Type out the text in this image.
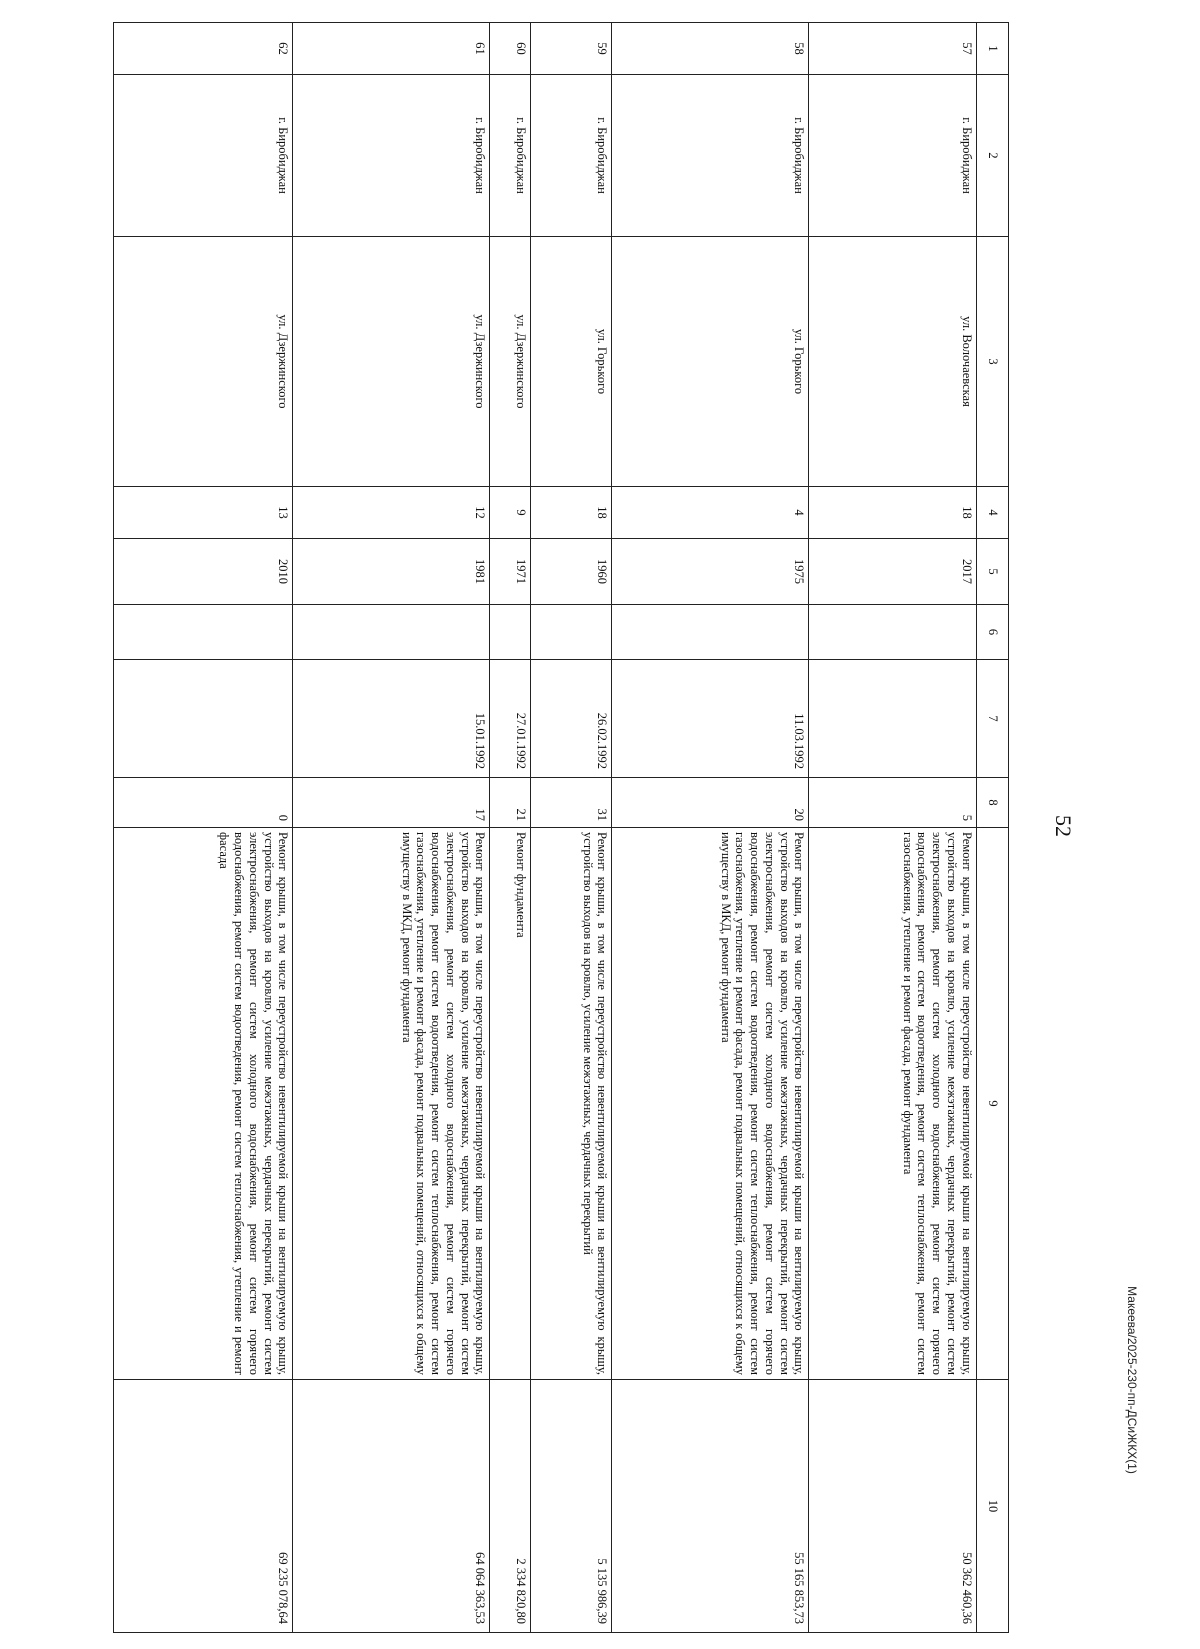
52
1	2	3	4	5	6	7	8	9	10
57	г. Биробиджан	ул. Волочаевская	18	2017			5	Ремонт крыши, в том числе переустройство невентилируемой крыши на вентилируемую крышу, устройство выходов на кровлю, усиление межэтажных, чердачных перекрытий, ремонт систем электроснабжения, ремонт систем холодного водоснабжения, ремонт систем горячего водоснабжения, ремонт систем водоотведения, ремонт систем теплоснабжения, ремонт систем газоснабжения, утепление и ремонт фасада, ремонт фундамента	50 362 460,36
58	г. Биробиджан	ул. Горького	4	1975		11.03.1992	20	Ремонт крыши, в том числе переустройство невентилируемой крыши на вентилируемую крышу, устройство выходов на кровлю, усиление межэтажных, чердачных перекрытий, ремонт систем электроснабжения, ремонт систем холодного водоснабжения, ремонт систем горячего водоснабжения, ремонт систем водоотведения, ремонт систем теплоснабжения, ремонт систем газоснабжения, утепление и ремонт фасада, ремонт подвальных помещений, относящихся к общему имуществу в МКД, ремонт фундамента	55 165 853,73
59	г. Биробиджан	ул. Горького	18	1960		26.02.1992	31	Ремонт крыши, в том числе переустройство невентилируемой крыши на вентилируемую крышу, устройство выходов на кровлю, усиление межэтажных, чердачных перекрытий	5 135 986,39
60	г. Биробиджан	ул. Дзержинского	9	1971		27.01.1992	21	Ремонт фундамента	2 334 820,80
61	г. Биробиджан	ул. Дзержинского	12	1981		15.01.1992	17	Ремонт крыши, в том числе переустройство невентилируемой крыши на вентилируемую крышу, устройство выходов на кровлю, усиление межэтажных, чердачных перекрытий, ремонт систем электроснабжения, ремонт систем холодного водоснабжения, ремонт систем горячего водоснабжения, ремонт систем водоотведения, ремонт систем теплоснабжения, ремонт систем газоснабжения, утепление и ремонт фасада, ремонт подвальных помещений, относящихся к общему имуществу в МКД, ремонт фундамента	64 064 363,53
62	г. Биробиджан	ул. Дзержинского	13	2010			0	Ремонт крыши, в том числе переустройство невентилируемой крыши на вентилируемую крышу, устройство выходов на кровлю, усиление межэтажных, чердачных перекрытий, ремонт систем электроснабжения, ремонт систем холодного водоснабжения, ремонт систем горячего водоснабжения, ремонт систем водоотведения, ремонт систем теплоснабжения, утепление и ремонт фасада	69 235 078,64
Макеева/2025-230-пп-ДСиЖКХ(1)
